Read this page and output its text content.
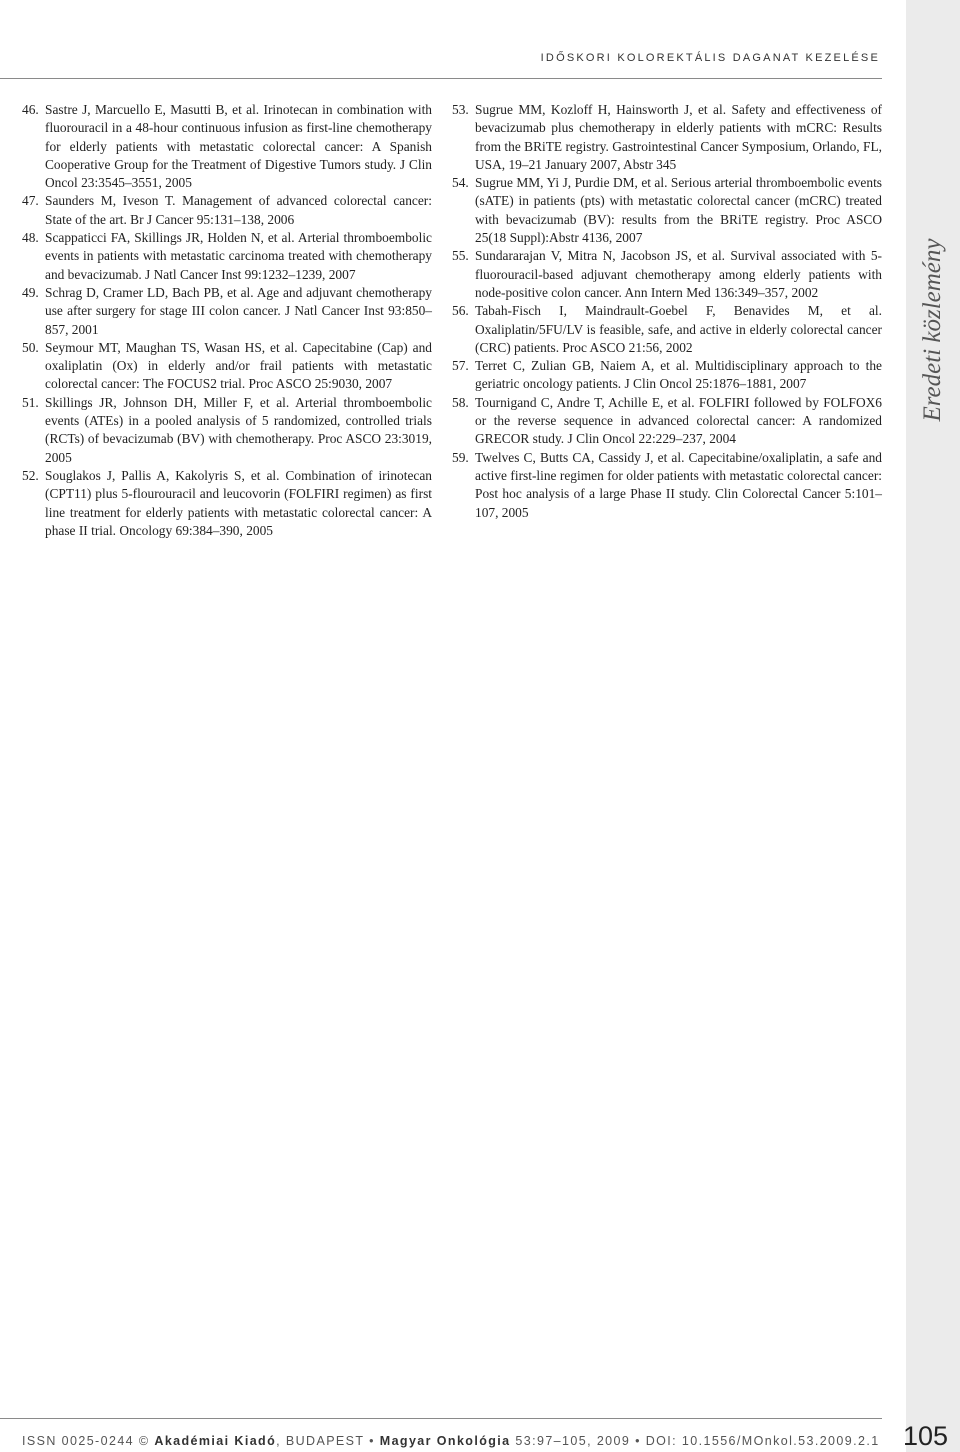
Eredeti közlemény
IDŐSKORI KOLOREKTÁLIS DAGANAT KEZELÉSE

46. Sastre J, Marcuello E, Masutti B, et al. Irinotecan in combination with fluorouracil in a 48-hour continuous infusion as first-line chemotherapy for elderly patients with metastatic colorectal cancer: A Spanish Cooperative Group for the Treatment of Digestive Tumors study. J Clin Oncol 23:3545–3551, 2005

47. Saunders M, Iveson T. Management of advanced colorectal cancer: State of the art. Br J Cancer 95:131–138, 2006

48. Scappaticci FA, Skillings JR, Holden N, et al. Arterial thromboembolic events in patients with metastatic carcinoma treated with chemotherapy and bevacizumab. J Natl Cancer Inst 99:1232–1239, 2007

49. Schrag D, Cramer LD, Bach PB, et al. Age and adjuvant chemotherapy use after surgery for stage III colon cancer. J Natl Cancer Inst 93:850–857, 2001

50. Seymour MT, Maughan TS, Wasan HS, et al. Capecitabine (Cap) and oxaliplatin (Ox) in elderly and/or frail patients with metastatic colorectal cancer: The FOCUS2 trial. Proc ASCO 25:9030, 2007

51. Skillings JR, Johnson DH, Miller F, et al. Arterial thromboembolic events (ATEs) in a pooled analysis of 5 randomized, controlled trials (RCTs) of bevacizumab (BV) with chemotherapy. Proc ASCO 23:3019, 2005

52. Souglakos J, Pallis A, Kakolyris S, et al. Combination of irinotecan (CPT11) plus 5-flourouracil and leucovorin (FOLFIRI regimen) as first line treatment for elderly patients with metastatic colorectal cancer: A phase II trial. Oncology 69:384–390, 2005

53. Sugrue MM, Kozloff H, Hainsworth J, et al. Safety and effectiveness of bevacizumab plus chemotherapy in elderly patients with mCRC: Results from the BRiTE registry. Gastrointestinal Cancer Symposium, Orlando, FL, USA, 19–21 January 2007, Abstr 345

54. Sugrue MM, Yi J, Purdie DM, et al. Serious arterial thromboembolic events (sATE) in patients (pts) with metastatic colorectal cancer (mCRC) treated with bevacizumab (BV): results from the BRiTE registry. Proc ASCO 25(18 Suppl):Abstr 4136, 2007

55. Sundararajan V, Mitra N, Jacobson JS, et al. Survival associated with 5-fluorouracil-based adjuvant chemotherapy among elderly patients with node-positive colon cancer. Ann Intern Med 136:349–357, 2002

56. Tabah-Fisch I, Maindrault-Goebel F, Benavides M, et al. Oxaliplatin/5FU/LV is feasible, safe, and active in elderly colorectal cancer (CRC) patients. Proc ASCO 21:56, 2002

57. Terret C, Zulian GB, Naiem A, et al. Multidisciplinary approach to the geriatric oncology patients. J Clin Oncol 25:1876–1881, 2007

58. Tournigand C, Andre T, Achille E, et al. FOLFIRI followed by FOLFOX6 or the reverse sequence in advanced colorectal cancer: A randomized GRECOR study. J Clin Oncol 22:229–237, 2004

59. Twelves C, Butts CA, Cassidy J, et al. Capecitabine/oxaliplatin, a safe and active first-line regimen for older patients with metastatic colorectal cancer: Post hoc analysis of a large Phase II study. Clin Colorectal Cancer 5:101–107, 2005

ISSN 0025-0244 © Akadémiai Kiadó, BUDAPEST • Magyar Onkológia 53:97–105, 2009 • DOI: 10.1556/MOnkol.53.2009.2.1 105
